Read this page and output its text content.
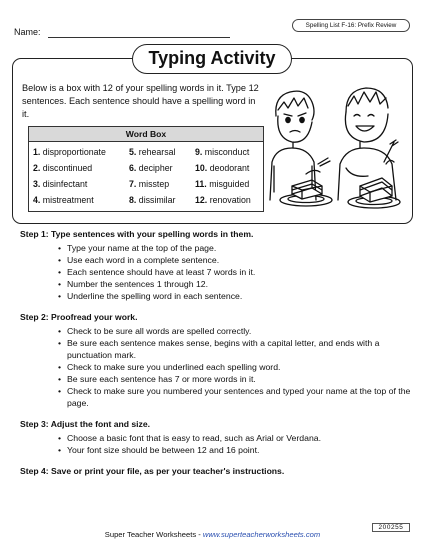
Name:
Spelling List F-16: Prefix Review
Typing Activity

Below is a box with 12 of your spelling words in it. Type 12 sentences. Each sentence should have a spelling word in it.

Word Box
1. disproportionate	5. rehearsal	9. misconduct
2. discontinued	6. decipher	10. deodorant
3. disinfectant	7. misstep	11. misguided
4. mistreatment	8. dissimilar	12. renovation
Step 1: Type sentences with your spelling words in them.
• Type your name at the top of the page.
• Use each word in a complete sentence.
• Each sentence should have at least 7 words in it.
• Number the sentences 1 through 12.
• Underline the spelling word in each sentence.
Step 2: Proofread your work.
• Check to be sure all words are spelled correctly.
• Be sure each sentence makes sense, begins with a capital letter, and ends with a punctuation mark.
• Check to make sure you underlined each spelling word.
• Be sure each sentence has 7 or more words in it.
• Check to make sure you numbered your sentences and typed your name at the top of the page.
Step 3: Adjust the font and size.
• Choose a basic font that is easy to read, such as Arial or Verdana.
• Your font size should be between 12 and 16 point.
Step 4: Save or print your file, as per your teacher's instructions.
Super Teacher Worksheets - www.superteacherworksheets.com
200255
